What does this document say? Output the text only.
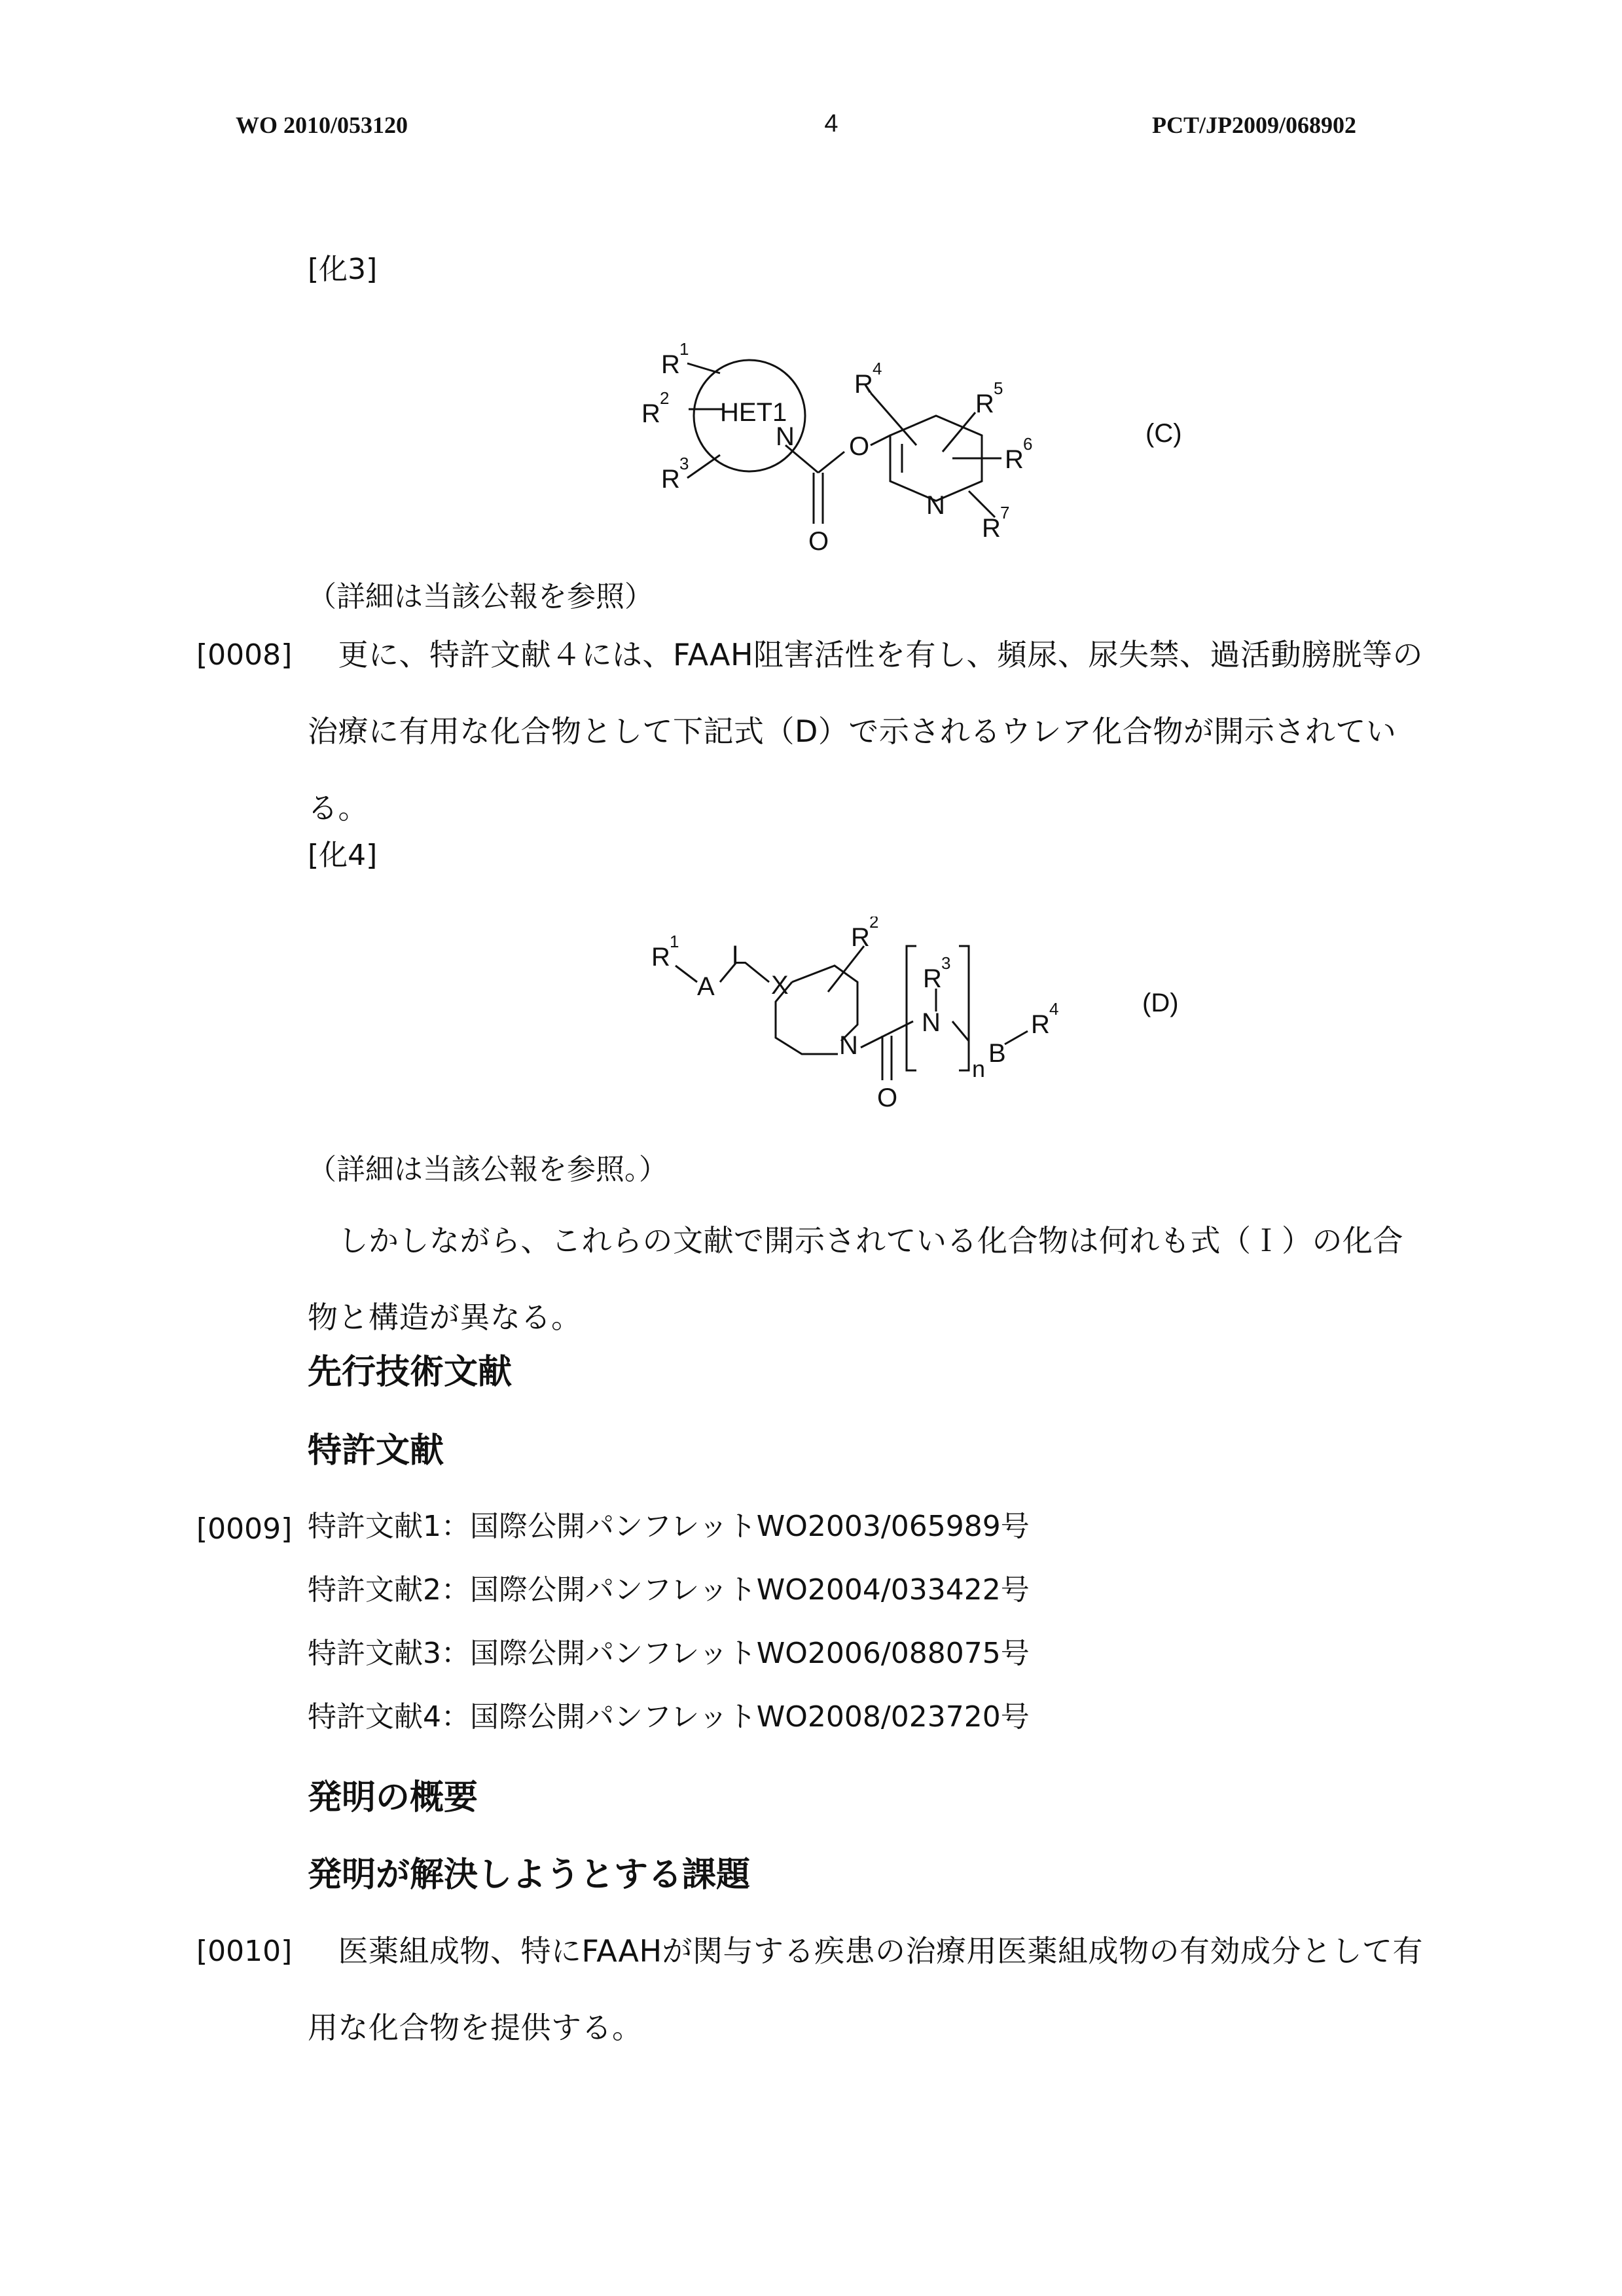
WO 2010/053120	4	PCT/JP2009/068902
[化3]
R
1
R
2
R
3
HET1
N
O
O
R
4
R
5
R
6
N
R
7
(C)
（詳細は当該公報を参照）
[0008] 　更に、特許文献４には、FAAH阻害活性を有し、頻尿、尿失禁、過活動膀胱等の治療に有用な化合物として下記式（D）で示されるウレア化合物が開示されている。
[化4]
R
1
A
L
X
R
2
N
O
R
3
N
n
B
R
4	(D)
（詳細は当該公報を参照。）
　しかしながら、これらの文献で開示されている化合物は何れも式（Ｉ）の化合物と構造が異なる。
先行技術文献
特許文献
[0009] 特許文献1：国際公開パンフレットWO2003/065989号
特許文献2：国際公開パンフレットWO2004/033422号
特許文献3：国際公開パンフレットWO2006/088075号
特許文献4：国際公開パンフレットWO2008/023720号
発明の概要
発明が解決しようとする課題
[0010] 　医薬組成物、特にFAAHが関与する疾患の治療用医薬組成物の有効成分として有用な化合物を提供する。
